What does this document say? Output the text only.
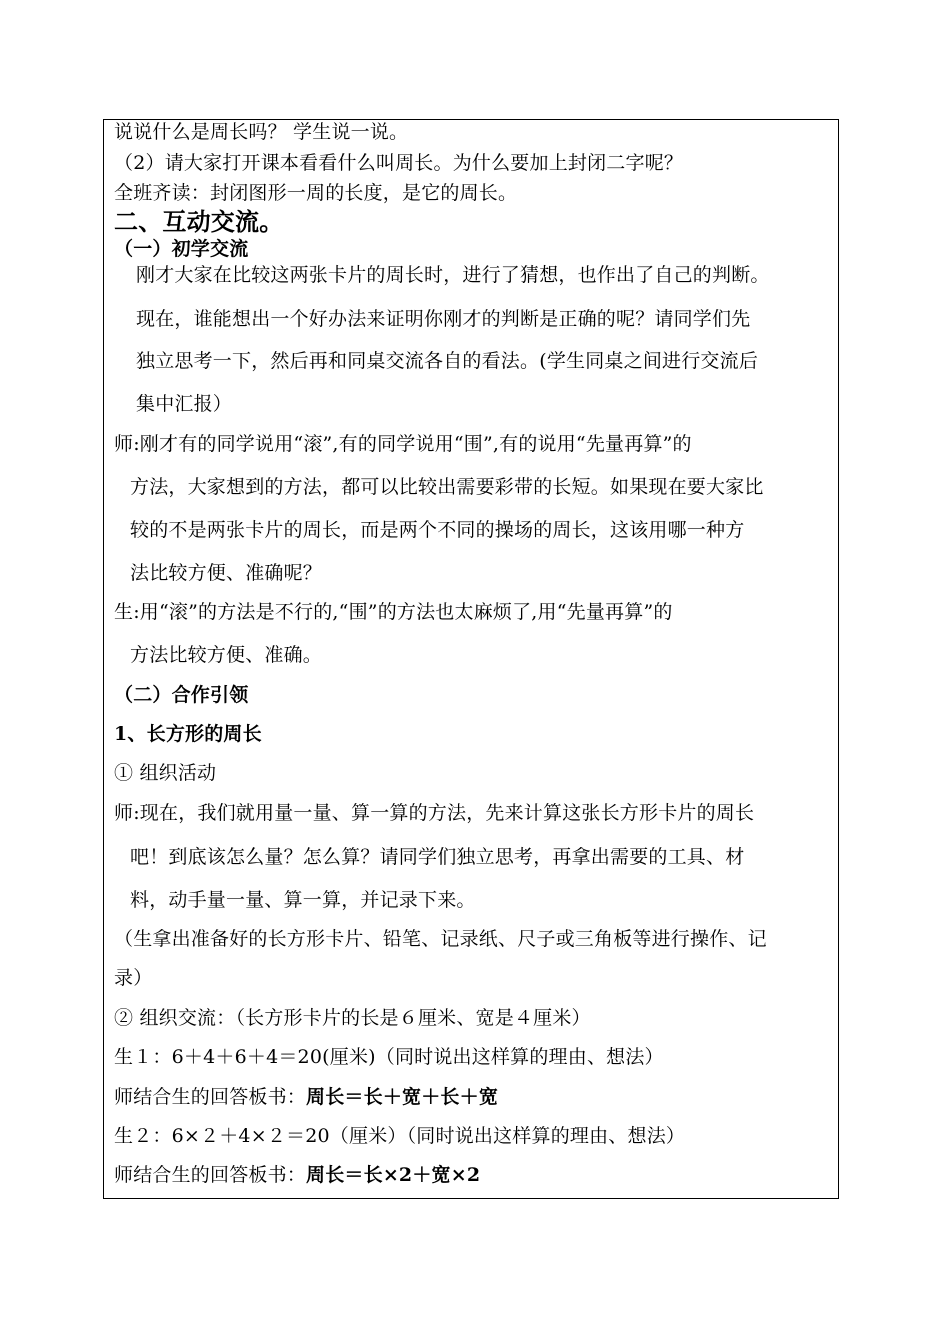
说说什么是周长吗？ 学生说一说。
（2）请大家打开课本看看什么叫周长。为什么要加上封闭二字呢？
全班齐读：封闭图形一周的长度，是它的周长。
二、互动交流。
（一）初学交流
刚才大家在比较这两张卡片的周长时，进行了猜想，也作出了自己的判断。
现在，谁能想出一个好办法来证明你刚才的判断是正确的呢？请同学们先
独立思考一下，然后再和同桌交流各自的看法。(学生同桌之间进行交流后
集中汇报）
师:刚才有的同学说用“滚”,有的同学说用“围”,有的说用“先量再算”的
方法，大家想到的方法，都可以比较出需要彩带的长短。如果现在要大家比
较的不是两张卡片的周长，而是两个不同的操场的周长，这该用哪一种方
法比较方便、准确呢？
生:用“滚”的方法是不行的,“围”的方法也太麻烦了,用“先量再算”的
方法比较方便、准确。
（二）合作引领
1、长方形的周长
① 组织活动
师:现在，我们就用量一量、算一算的方法，先来计算这张长方形卡片的周长
吧！到底该怎么量？怎么算？请同学们独立思考，再拿出需要的工具、材
料，动手量一量、算一算，并记录下来。
（生拿出准备好的长方形卡片、铅笔、记录纸、尺子或三角板等进行操作、记
录）
② 组织交流：（长方形卡片的长是６厘米、宽是４厘米）
生１：6＋4＋6＋4＝20(厘米)（同时说出这样算的理由、想法）
师结合生的回答板书：周长＝长＋宽＋长＋宽
生２：6×２＋4×２＝20（厘米）（同时说出这样算的理由、想法）
师结合生的回答板书：周长＝长×2＋宽×2
